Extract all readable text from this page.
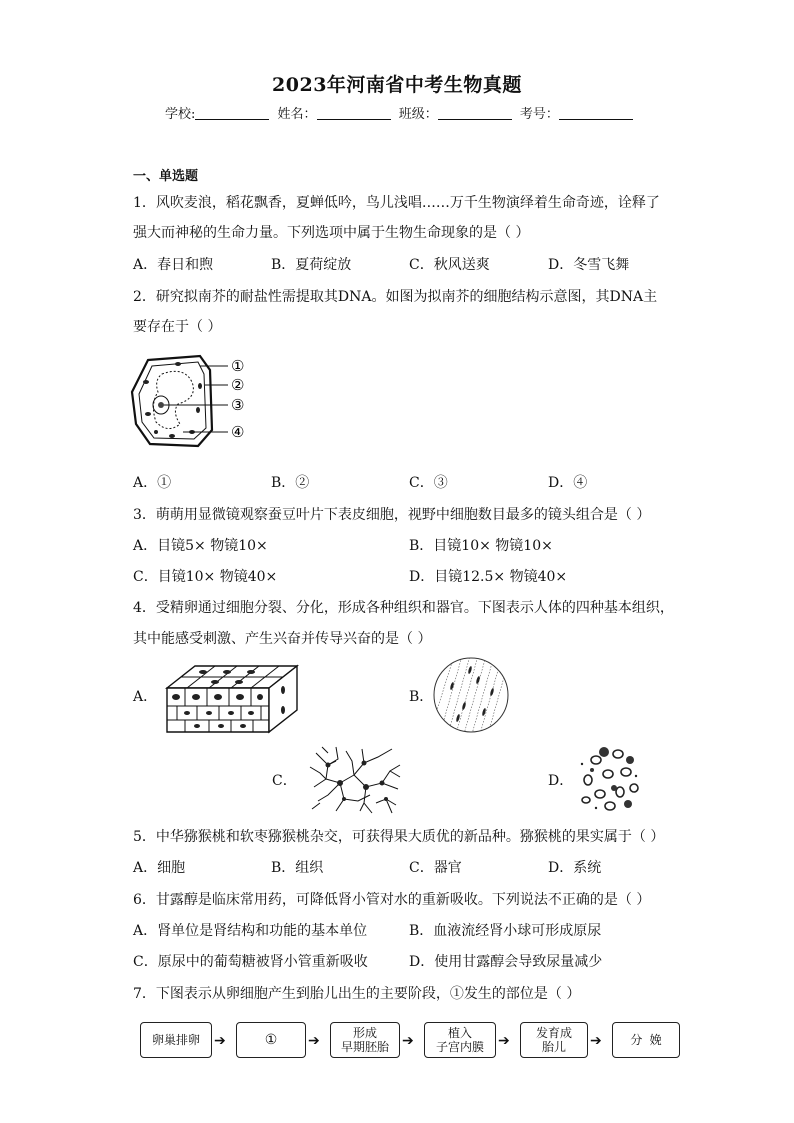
2023年河南省中考生物真题
学校:	姓名：	班级：	考号：
一、单选题
1．风吹麦浪，稻花飘香，夏蝉低吟，鸟儿浅唱……万千生物演绎着生命奇迹，诠释了
强大而神秘的生命力量。下列选项中属于生物生命现象的是（ ）
A．春日和煦	B．夏荷绽放	C．秋风送爽	D．冬雪飞舞
2．研究拟南芥的耐盐性需提取其DNA。如图为拟南芥的细胞结构示意图，其DNA主
要存在于（ ）
①
②
③
④
A．①	B．②	C．③	D．④
3．萌萌用显微镜观察蚕豆叶片下表皮细胞，视野中细胞数目最多的镜头组合是（ ）
A．目镜5× 物镜10×	B．目镜10× 物镜10×
C．目镜10× 物镜40×	D．目镜12.5× 物镜40×
4．受精卵通过细胞分裂、分化，形成各种组织和器官。下图表示人体的四种基本组织，
其中能感受刺激、产生兴奋并传导兴奋的是（ ）
A．	B．
C．	D．
5．中华猕猴桃和软枣猕猴桃杂交，可获得果大质优的新品种。猕猴桃的果实属于（ ）
A．细胞	B．组织	C．器官	D．系统
6．甘露醇是临床常用药，可降低肾小管对水的重新吸收。下列说法不正确的是（ ）
A．肾单位是肾结构和功能的基本单位	B．血液流经肾小球可形成原尿
C．原尿中的葡萄糖被肾小管重新吸收	D．使用甘露醇会导致尿量减少
7．下图表示从卵细胞产生到胎儿出生的主要阶段，①发生的部位是（ ）
卵巢排卵	➔	①	➔	形成
早期胚胎 ➔	植入
子宫内膜	➔	发育成
胎儿	➔	分 娩
